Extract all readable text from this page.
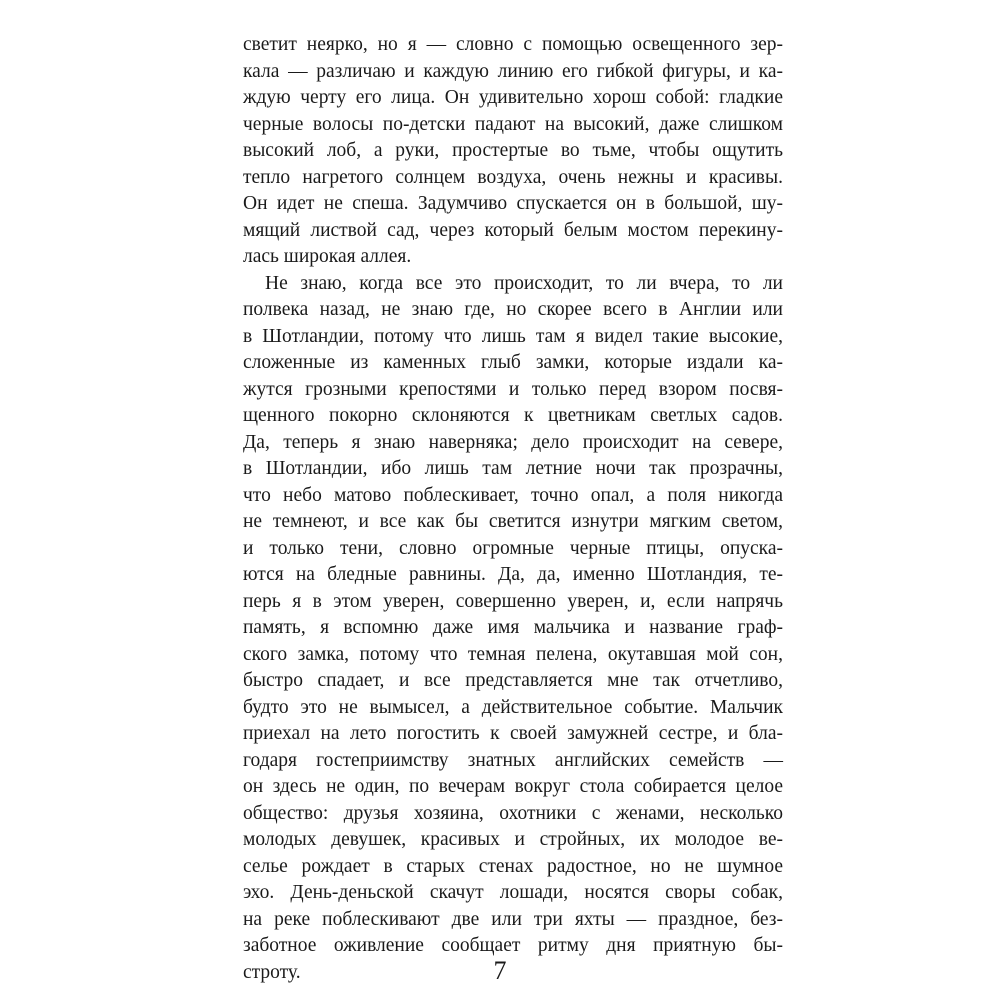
светит неярко, но я — словно с помощью освещенного зер-
кала — различаю и каждую линию его гибкой фигуры, и ка-
ждую черту его лица. Он удивительно хорош собой: гладкие
черные волосы по-детски падают на высокий, даже слишком
высокий лоб, а руки, простертые во тьме, чтобы ощутить
тепло нагретого солнцем воздуха, очень нежны и красивы.
Он идет не спеша. Задумчиво спускается он в большой, шу-
мящий листвой сад, через который белым мостом перекину-
лась широкая аллея.
Не знаю, когда все это происходит, то ли вчера, то ли
полвека назад, не знаю где, но скорее всего в Англии или
в Шотландии, потому что лишь там я видел такие высокие,
сложенные из каменных глыб замки, которые издали ка-
жутся грозными крепостями и только перед взором посвя-
щенного покорно склоняются к цветникам светлых садов.
Да, теперь я знаю наверняка; дело происходит на севере,
в Шотландии, ибо лишь там летние ночи так прозрачны,
что небо матово поблескивает, точно опал, а поля никогда
не темнеют, и все как бы светится изнутри мягким светом,
и только тени, словно огромные черные птицы, опуска-
ются на бледные равнины. Да, да, именно Шотландия, те-
перь я в этом уверен, совершенно уверен, и, если напрячь
память, я вспомню даже имя мальчика и название граф-
ского замка, потому что темная пелена, окутавшая мой сон,
быстро спадает, и все представляется мне так отчетливо,
будто это не вымысел, а действительное событие. Мальчик
приехал на лето погостить к своей замужней сестре, и бла-
годаря гостеприимству знатных английских семейств —
он здесь не один, по вечерам вокруг стола собирается целое
общество: друзья хозяина, охотники с женами, несколько
молодых девушек, красивых и стройных, их молодое ве-
селье рождает в старых стенах радостное, но не шумное
эхо. День-деньской скачут лошади, носятся своры собак,
на реке поблескивают две или три яхты — праздное, без-
заботное оживление сообщает ритму дня приятную бы-
строту.	7
